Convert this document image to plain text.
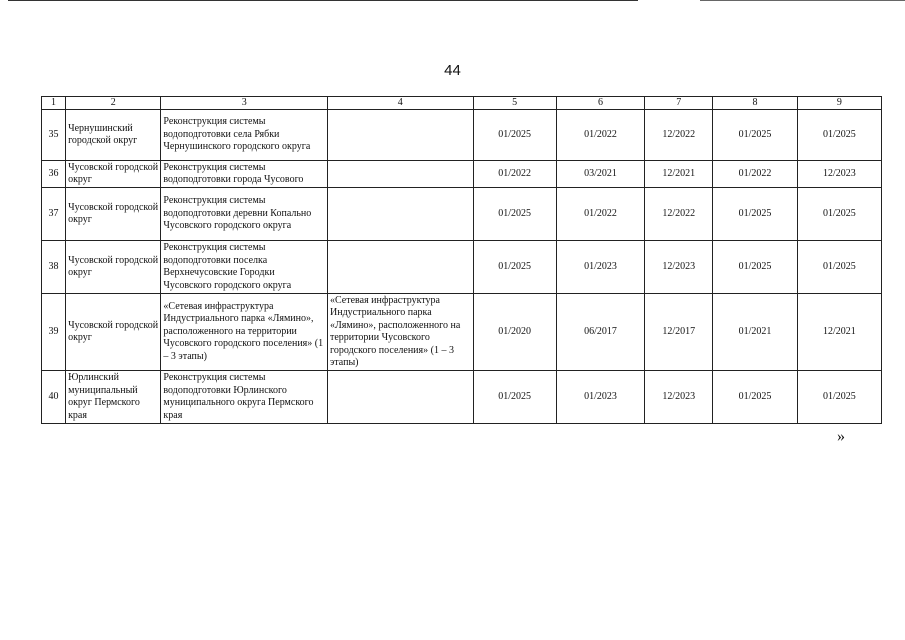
44
1	2	3	4	5	6	7	8	9
35	Чернушинский городской округ	Реконструкция системы водоподготовки села Рябки Чернушинского городского округа		01/2025	01/2022	12/2022	01/2025	01/2025
36	Чусовской городской округ	Реконструкция системы водоподготовки города Чусового		01/2022	03/2021	12/2021	01/2022	12/2023
37	Чусовской городской округ	Реконструкция системы водоподготовки деревни Копально Чусовского городского округа		01/2025	01/2022	12/2022	01/2025	01/2025
38	Чусовской городской округ	Реконструкция системы водоподготовки поселка Верхнечусовские Городки Чусовского городского округа		01/2025	01/2023	12/2023	01/2025	01/2025
39	Чусовской городской округ	«Сетевая инфраструктура Индустриального парка «Лямино», расположенного на территории Чусовского городского поселения» (1 – 3 этапы)	«Сетевая инфраструктура Индустриального парка «Лямино», расположенного на территории Чусовского городского поселения» (1 – 3 этапы)	01/2020	06/2017	12/2017	01/2021	12/2021
40	Юрлинский муниципальный округ Пермского края	Реконструкция системы водоподготовки Юрлинского муниципального округа Пермского края		01/2025	01/2023	12/2023	01/2025	01/2025
»
